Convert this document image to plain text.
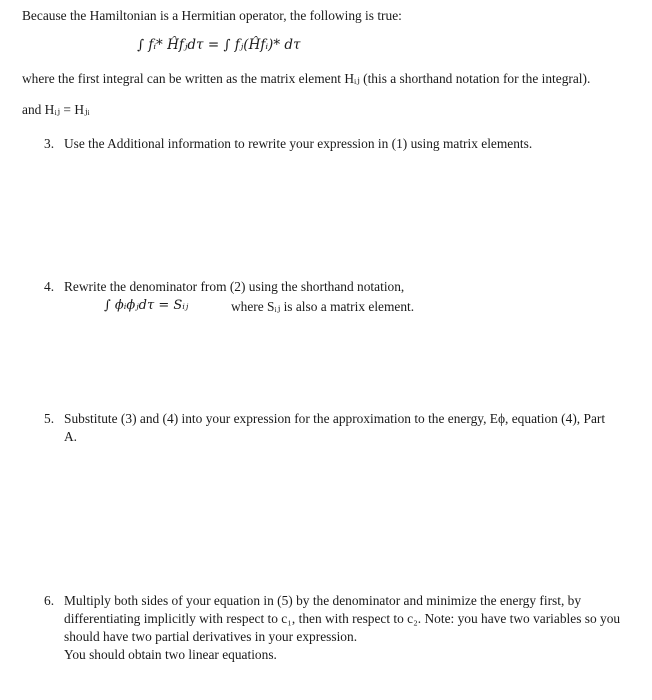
Because the Hamiltonian is a Hermitian operator, the following is true:
∫ fᵢ* Ĥfⱼdτ = ∫ fⱼ(Ĥfᵢ)* dτ
where the first integral can be written as the matrix element Hᵢⱼ (this a shorthand notation for the integral).
and Hᵢⱼ = Hⱼᵢ
3. Use the Additional information to rewrite your expression in (1) using matrix elements.
4. Rewrite the denominator from (2) using the shorthand notation,
∫ ϕᵢϕⱼdτ = Sᵢⱼ	where Sᵢⱼ is also a matrix element.
5. Substitute (3) and (4) into your expression for the approximation to the energy, Eϕ, equation (4), Part
A.
6. Multiply both sides of your equation in (5) by the denominator and minimize the energy first, by
differentiating implicitly with respect to c₁, then with respect to c₂. Note: you have two variables so you
should have two partial derivatives in your expression.
You should obtain two linear equations.
